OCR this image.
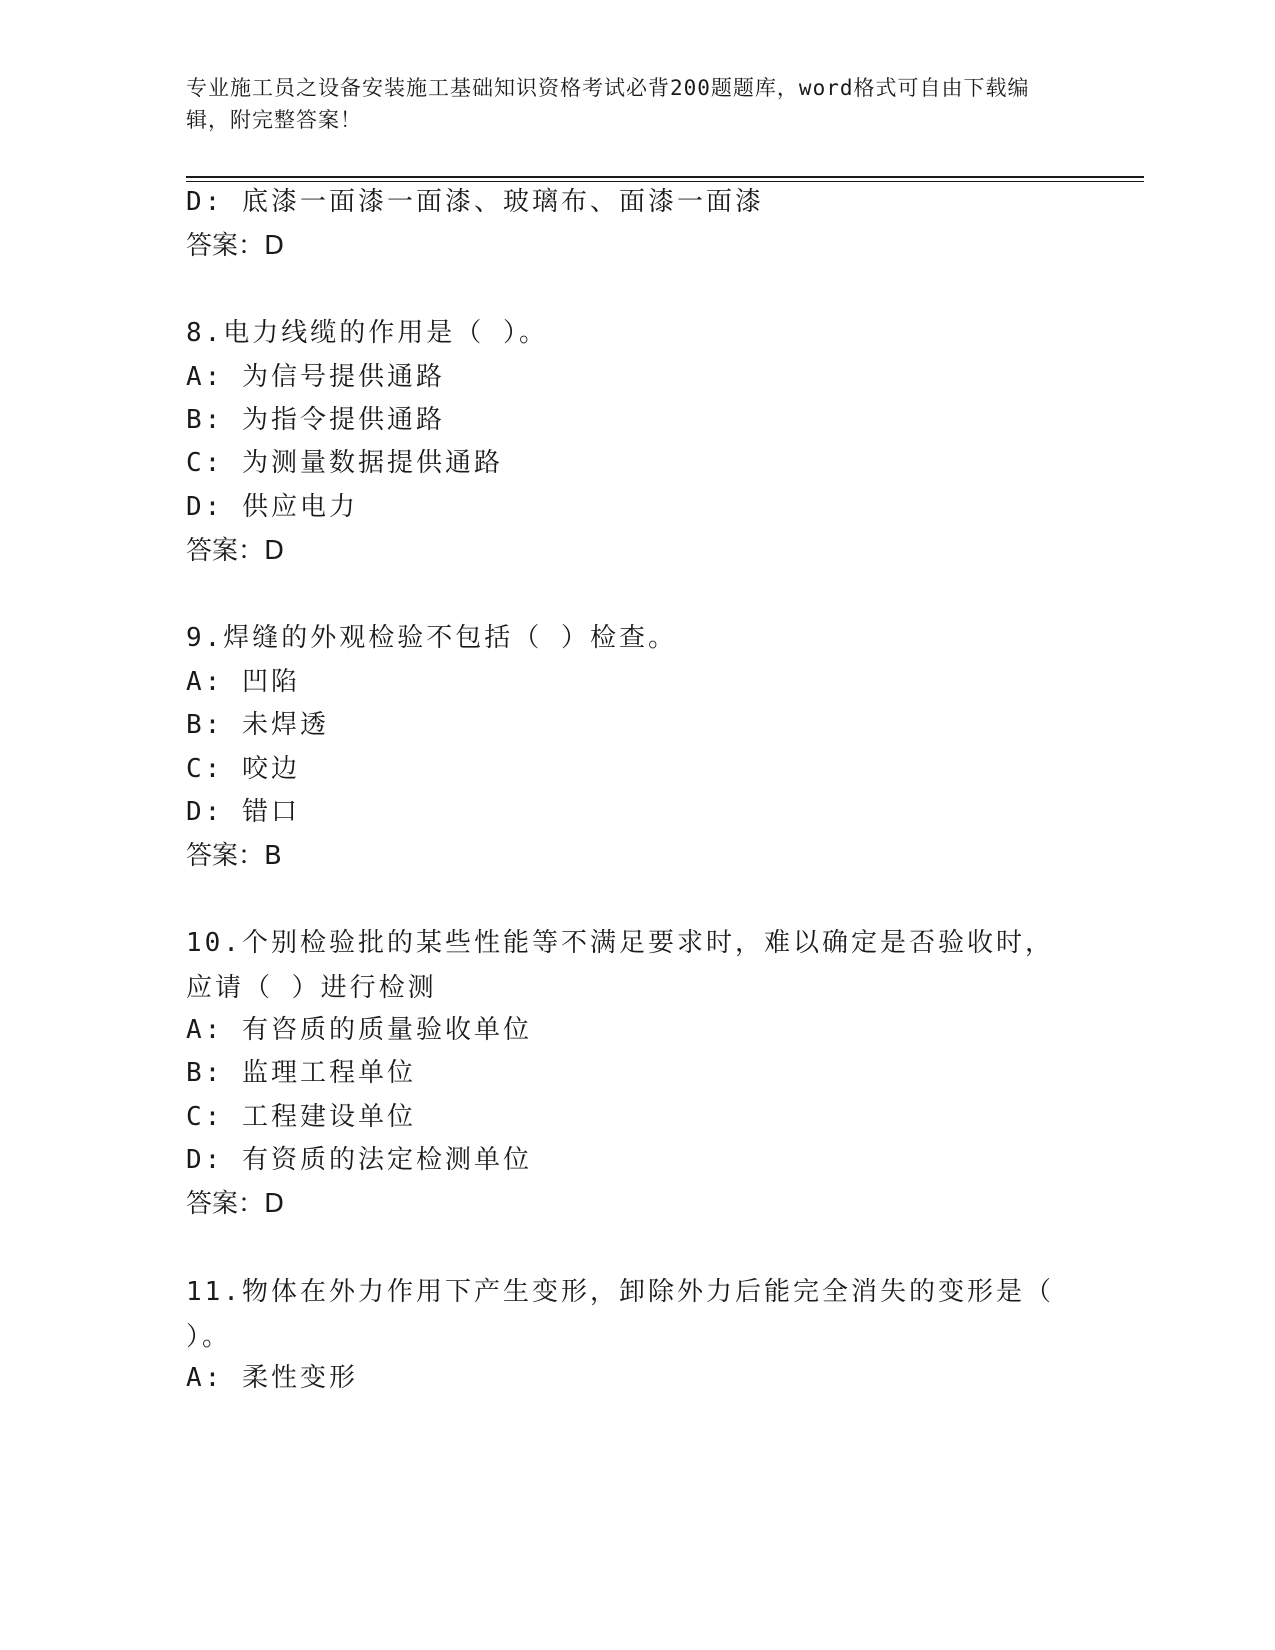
专业施工员之设备安装施工基础知识资格考试必背200题题库，word格式可自由下载编辑，附完整答案！
D: 底漆一面漆一面漆、玻璃布、面漆一面漆
答案：D
8.电力线缆的作用是（ ）。
A: 为信号提供通路
B: 为指令提供通路
C: 为测量数据提供通路
D: 供应电力
答案：D
9.焊缝的外观检验不包括（ ）检查。
A: 凹陷
B: 未焊透
C: 咬边
D: 错口
答案：B
10.个别检验批的某些性能等不满足要求时，难以确定是否验收时，应请（ ）进行检测
A: 有咨质的质量验收单位
B: 监理工程单位
C: 工程建设单位
D: 有资质的法定检测单位
答案：D
11.物体在外力作用下产生变形，卸除外力后能完全消失的变形是（ ）。
A: 柔性变形
